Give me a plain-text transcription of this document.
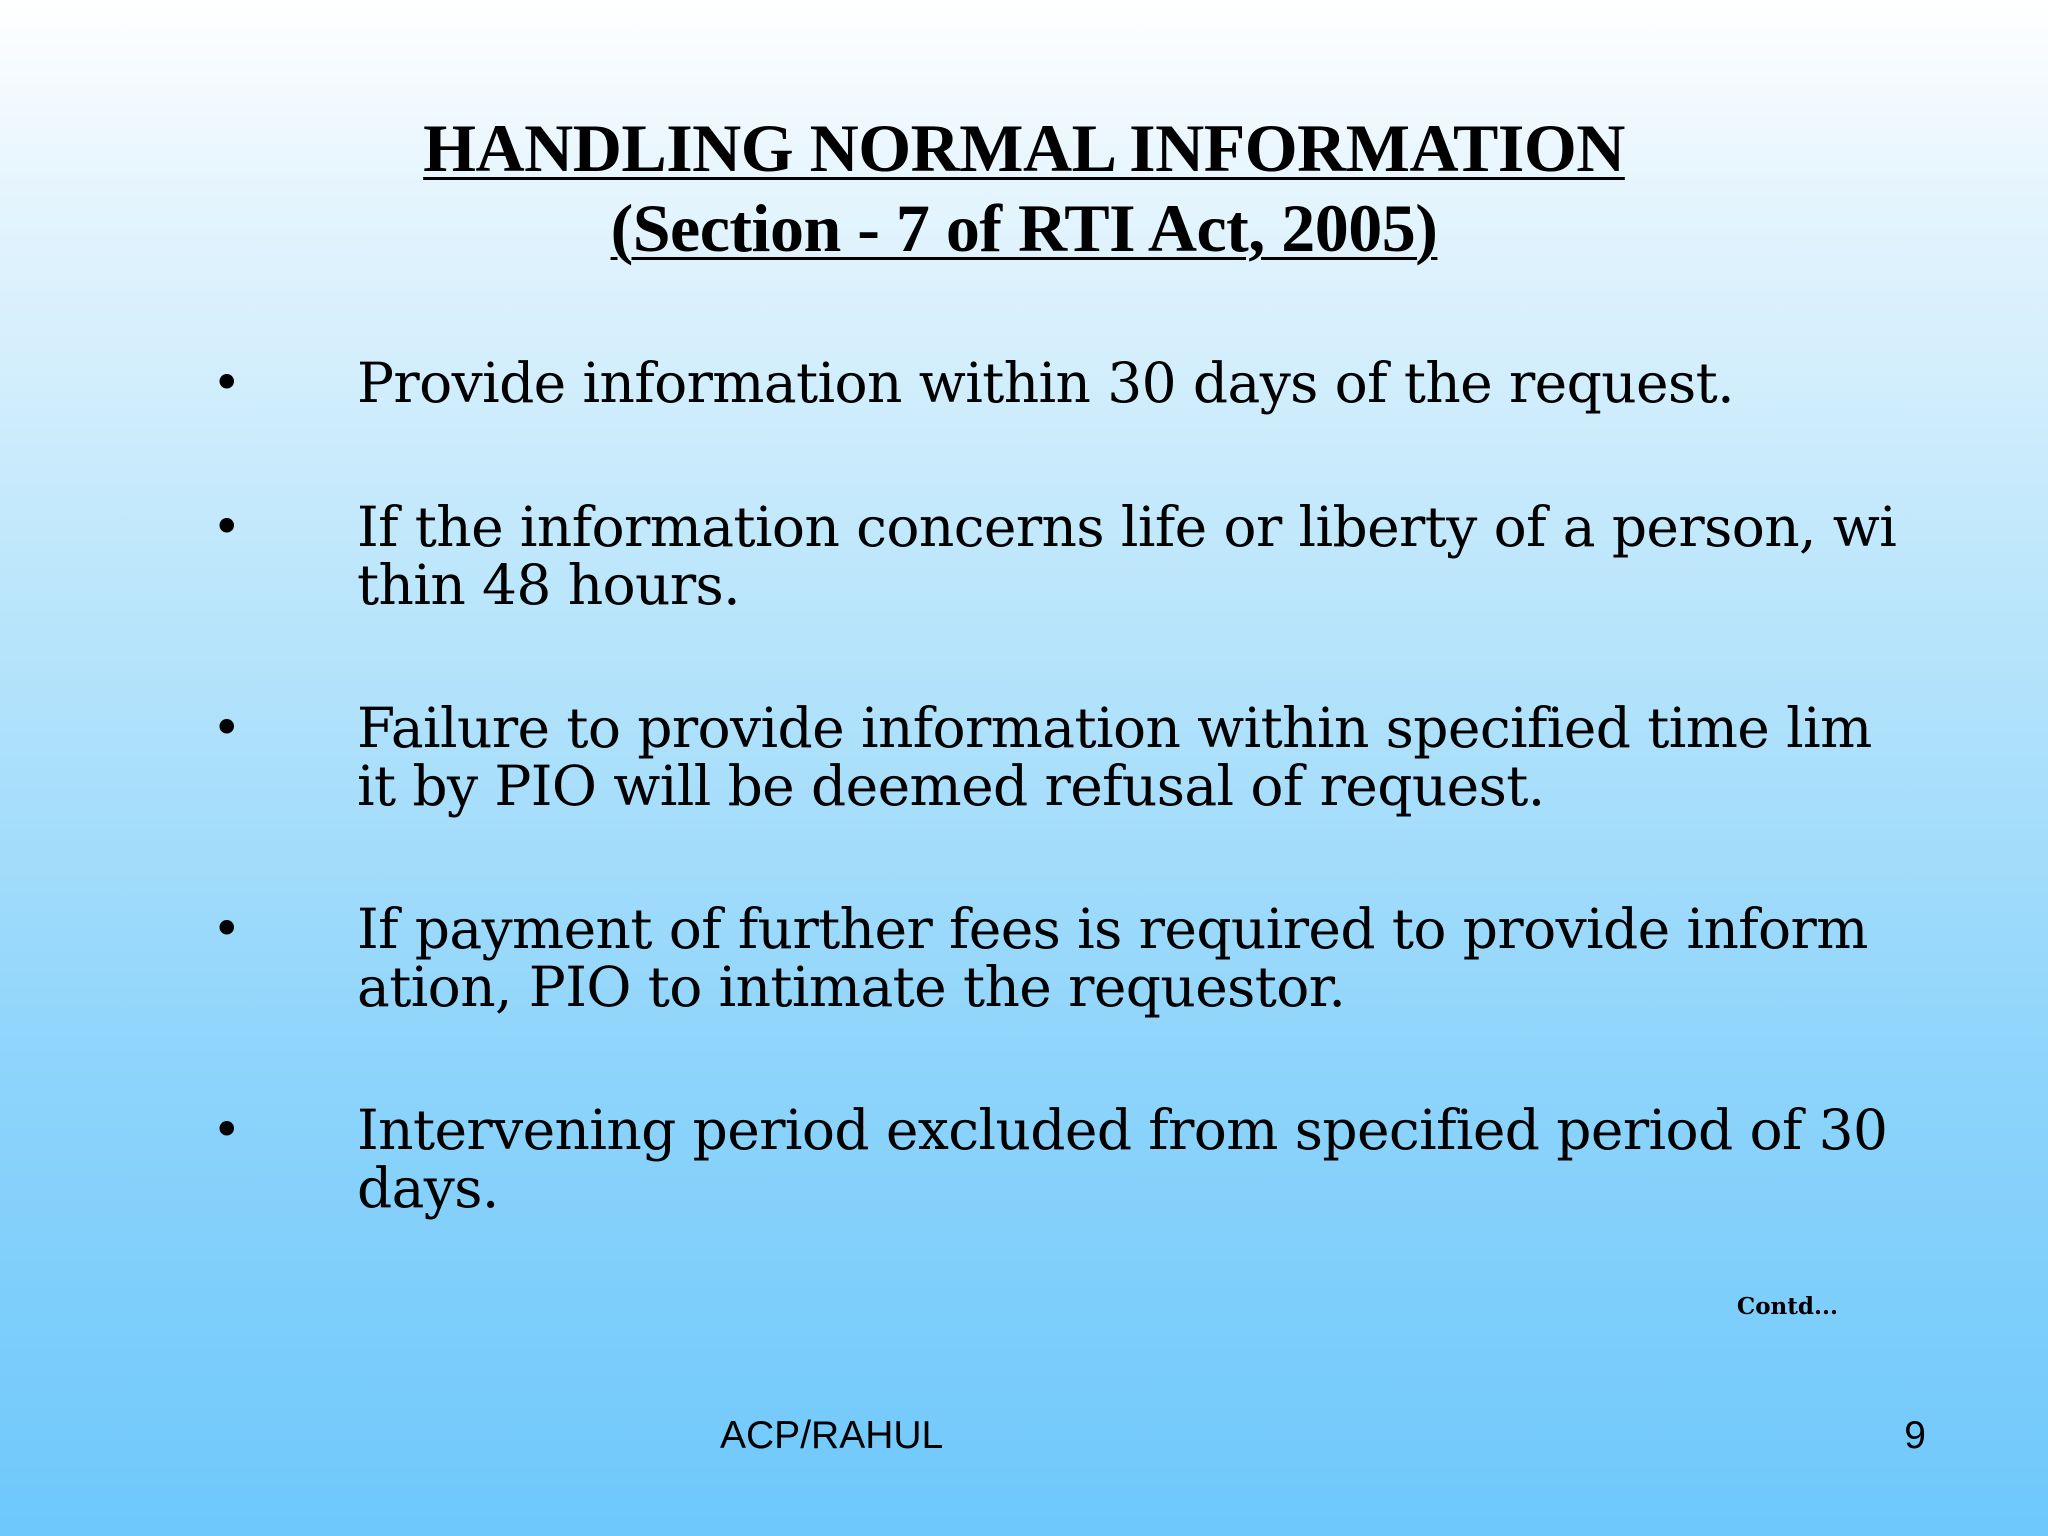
HANDLING NORMAL INFORMATION
(Section - 7 of RTI Act, 2005)
• Provide information within 30 days of the request.
• If the information concerns life or liberty of a person, wi
thin 48 hours.
• Failure to provide information within specified time lim
it by PIO will be deemed refusal of request.
• If payment of further fees is required to provide inform
ation, PIO to intimate the requestor.
• Intervening period excluded from specified period of 30
days.
Contd...
ACP/RAHUL	9
